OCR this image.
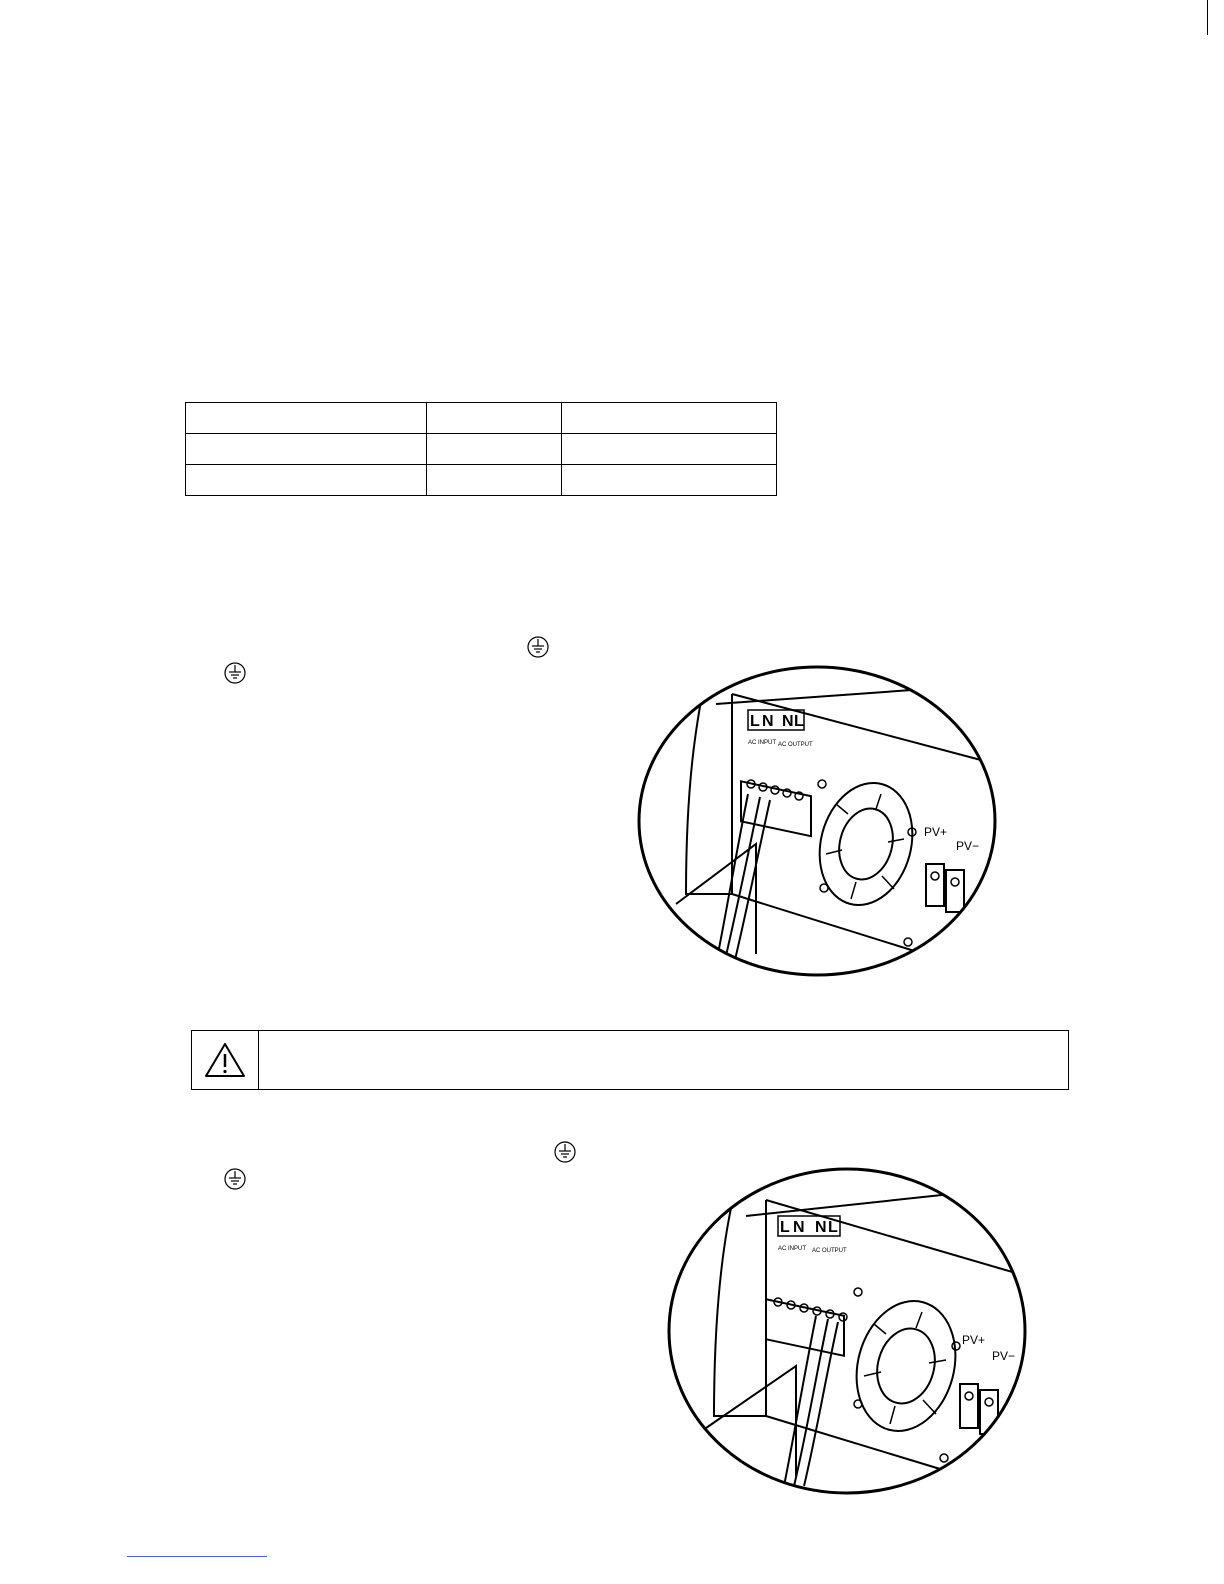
L N N L
AC INPUT AC OUTPUT
PV+
PV−
L N N L
AC INPUT AC OUTPUT
PV+
PV−
